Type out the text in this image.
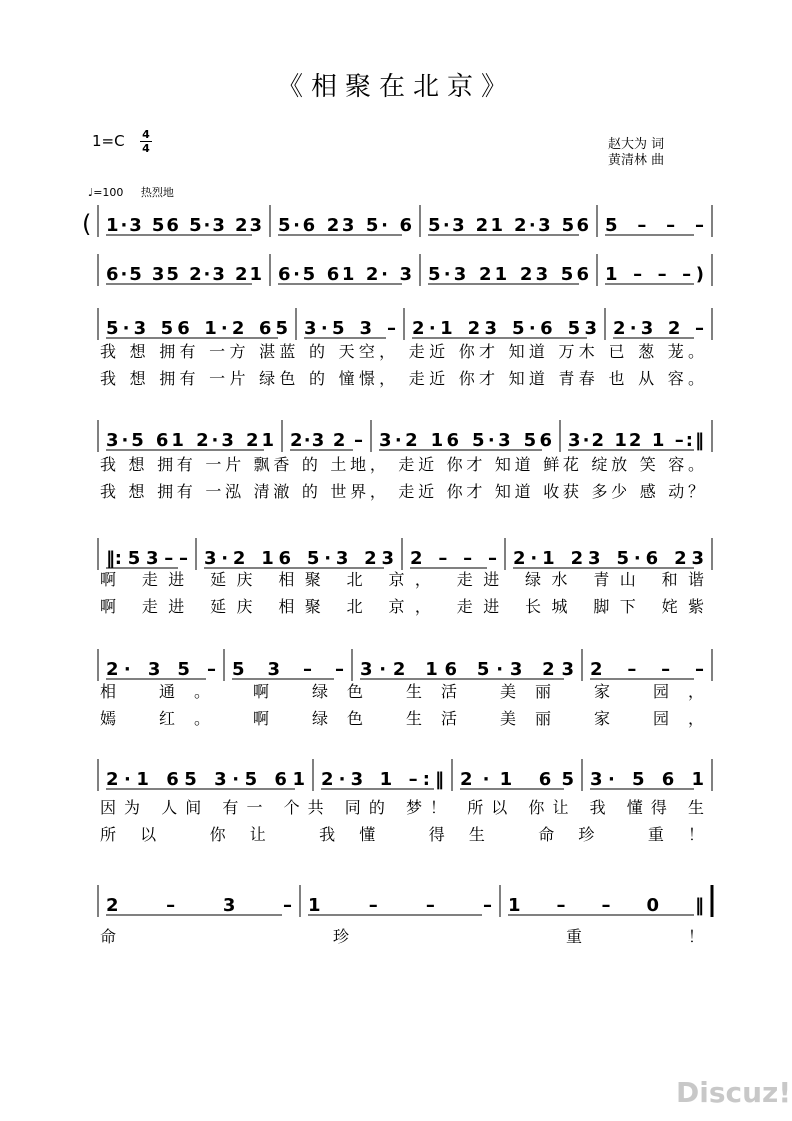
《相聚在北京》
1=C 4
4	赵大为 词
黄清林 曲
♩=100 热烈地
( 1·3 56 5·3 23 5·6 23 5· 6 5·3 21 2·3 56 5 – – –
6·5 35 2·3 21 6·5 61 2· 3 5·3 21 23 56 1 – – –)
5·3 56 1·2 65 3·5 3 – 2·1 23 5·6 53 2·3 2 –
我 想 拥有 一方 湛蓝 的 天空， 走近 你才 知道 万木 已 葱 茏。
我 想 拥有 一片 绿色 的 憧憬， 走近 你才 知道 青春 也 从 容。
3·5 61 2·3 21 2·3 2 – 3·2 16 5·3 56 3·2 12 1 –:‖
我 想 拥有 一片 飘香 的 土地， 走近 你才 知道 鲜花 绽放 笑 容。
我 想 拥有 一泓 清澈 的 世界， 走近 你才 知道 收获 多少 感 动？
‖: 5 3 – – 3·2 16 5·3 23 2 – – – 2·1 23 5·6 23
啊 走进 延庆 相聚 北 京， 走进 绿水 青山 和谐
啊 走进 延庆 相聚 北 京， 走进 长城 脚下 姹紫
2· 3 5 – 5 3 – – 3·2 16 5·3 23 2 – – –
相 通。 啊 绿色 生活 美丽 家 园，
嫣 红。 啊 绿色 生活 美丽 家 园，
2·1 65 3·5 61 2·3 1 –:‖ 2·1 65 3· 5 6 1
因为 人间 有一 个共 同的 梦！ 所以 你让 我 懂得 生
所以 你让 我懂 得生 命珍 重！
2 – 3 – 1 – – – 1 – – 0 ‖
命 珍 重！
Discuz!
